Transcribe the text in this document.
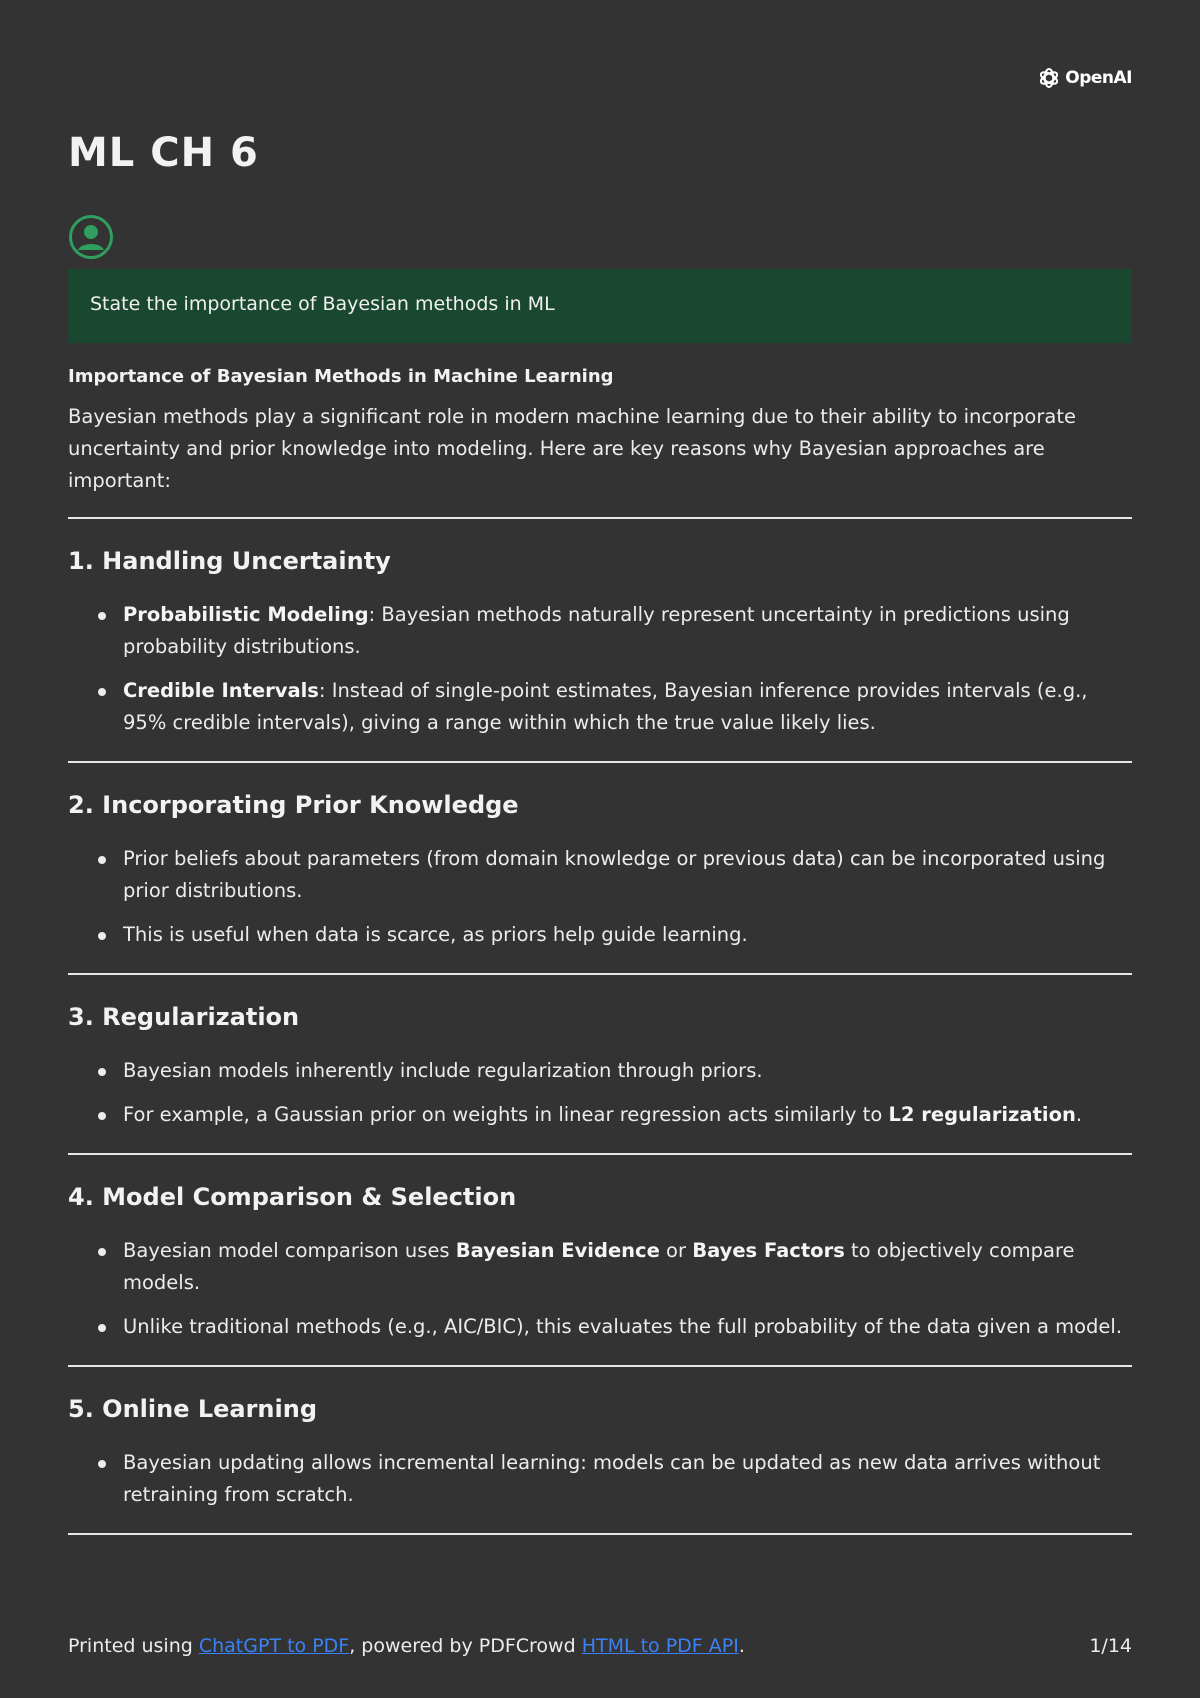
OpenAI
ML CH 6
State the importance of Bayesian methods in ML
Importance of Bayesian Methods in Machine Learning

Bayesian methods play a significant role in modern machine learning due to their ability to incorporate uncertainty and prior knowledge into modeling. Here are key reasons why Bayesian approaches are important:

1. Handling Uncertainty
Probabilistic Modeling: Bayesian methods naturally represent uncertainty in predictions using probability distributions.
Credible Intervals: Instead of single-point estimates, Bayesian inference provides intervals (e.g., 95% credible intervals), giving a range within which the true value likely lies.
2. Incorporating Prior Knowledge
Prior beliefs about parameters (from domain knowledge or previous data) can be incorporated using prior distributions.
This is useful when data is scarce, as priors help guide learning.
3. Regularization
Bayesian models inherently include regularization through priors.
For example, a Gaussian prior on weights in linear regression acts similarly to L2 regularization.
4. Model Comparison & Selection
Bayesian model comparison uses Bayesian Evidence or Bayes Factors to objectively compare models.
Unlike traditional methods (e.g., AIC/BIC), this evaluates the full probability of the data given a model.
5. Online Learning
Bayesian updating allows incremental learning: models can be updated as new data arrives without retraining from scratch.
Printed using ChatGPT to PDF, powered by PDFCrowd HTML to PDF API.	1/14
